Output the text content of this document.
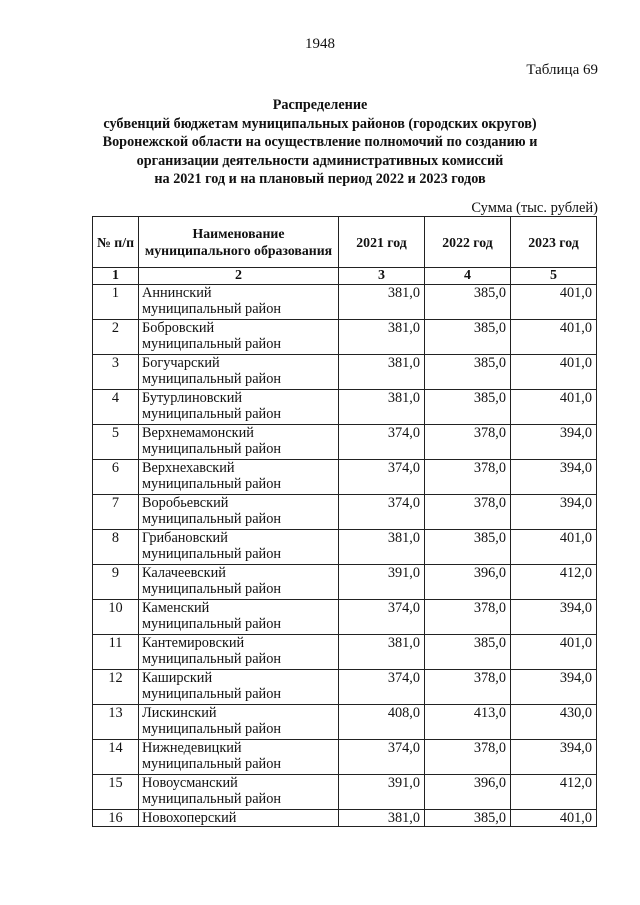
1948
Таблица 69
Распределение
субвенций бюджетам муниципальных районов (городских округов)
Воронежской области на осуществление полномочий по созданию и
организации деятельности административных комиссий
на 2021 год и на плановый период 2022 и 2023 годов
Сумма (тыс. рублей)
№ п/п	Наименование муниципального образования	2021 год	2022 год	2023 год
1	2	3	4	5
1	Аннинский
муниципальный район	381,0	385,0	401,0
2	Бобровский
муниципальный район	381,0	385,0	401,0
3	Богучарский
муниципальный район	381,0	385,0	401,0
4	Бутурлиновский
муниципальный район	381,0	385,0	401,0
5	Верхнемамонский
муниципальный район	374,0	378,0	394,0
6	Верхнехавский
муниципальный район	374,0	378,0	394,0
7	Воробьевский
муниципальный район	374,0	378,0	394,0
8	Грибановский
муниципальный район	381,0	385,0	401,0
9	Калачеевский
муниципальный район	391,0	396,0	412,0
10	Каменский
муниципальный район	374,0	378,0	394,0
11	Кантемировский
муниципальный район	381,0	385,0	401,0
12	Каширский
муниципальный район	374,0	378,0	394,0
13	Лискинский
муниципальный район	408,0	413,0	430,0
14	Нижнедевицкий
муниципальный район	374,0	378,0	394,0
15	Новоусманский
муниципальный район	391,0	396,0	412,0
16	Новохоперский	381,0	385,0	401,0
